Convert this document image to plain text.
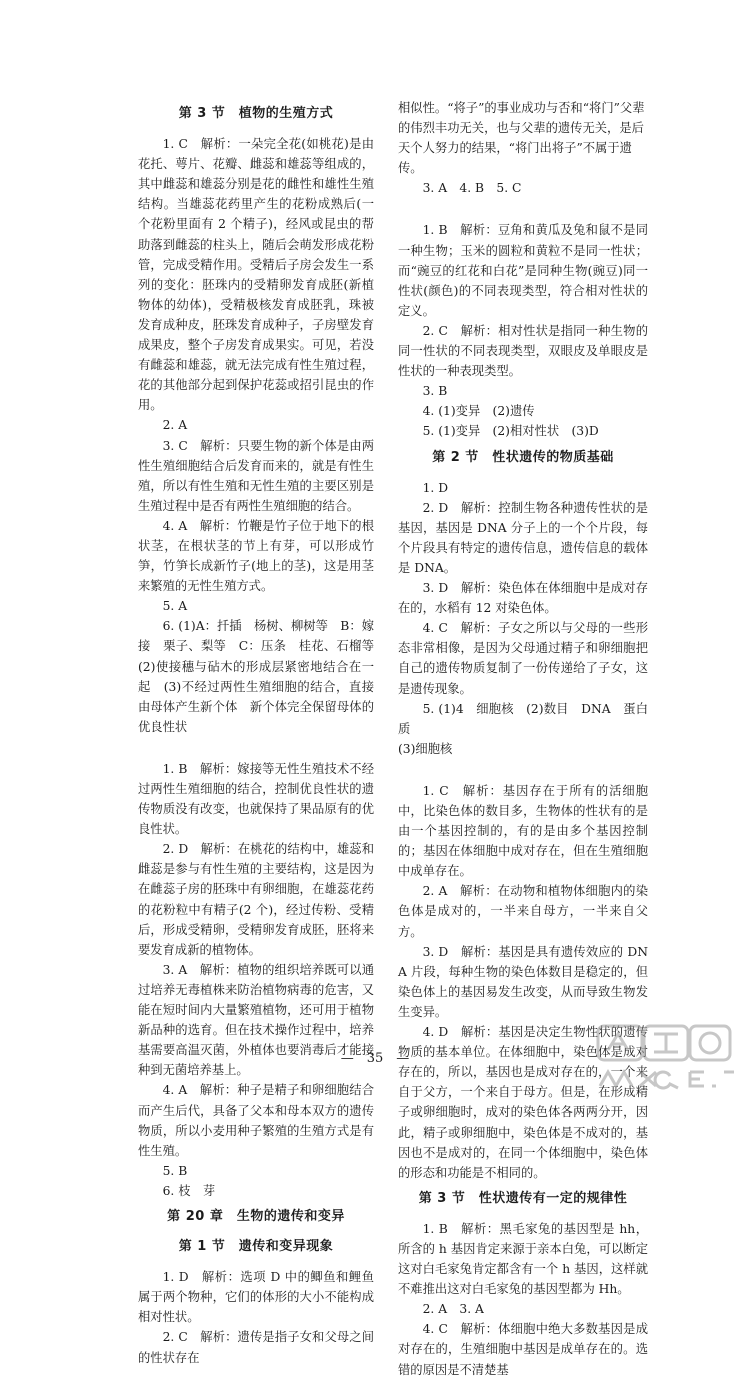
第 3 节　植物的生殖方式

1. C　解析：一朵完全花(如桃花)是由花托、萼片、花瓣、雌蕊和雄蕊等组成的，其中雌蕊和雄蕊分别是花的雌性和雄性生殖结构。当雄蕊花药里产生的花粉成熟后(一个花粉里面有 2 个精子)，经风或昆虫的帮助落到雌蕊的柱头上，随后会萌发形成花粉管，完成受精作用。受精后子房会发生一系列的变化：胚珠内的受精卵发育成胚(新植物体的幼体)，受精极核发育成胚乳，珠被发育成种皮，胚珠发育成种子，子房壁发育成果皮，整个子房发育成果实。可见，若没有雌蕊和雄蕊，就无法完成有性生殖过程，花的其他部分起到保护花蕊或招引昆虫的作用。

2. A

3. C　解析：只要生物的新个体是由两性生殖细胞结合后发育而来的，就是有性生殖，所以有性生殖和无性生殖的主要区别是生殖过程中是否有两性生殖细胞的结合。

4. A　解析：竹鞭是竹子位于地下的根状茎，在根状茎的节上有芽，可以形成竹笋，竹笋长成新竹子(地上的茎)，这是用茎来繁殖的无性生殖方式。

5. A

6. (1)A：扦插　杨树、柳树等　B：嫁接　栗子、梨等　C：压条　桂花、石榴等　(2)使接穗与砧木的形成层紧密地结合在一起　(3)不经过两性生殖细胞的结合，直接由母体产生新个体　新个体完全保留母体的优良性状

1. B　解析：嫁接等无性生殖技术不经过两性生殖细胞的结合，控制优良性状的遗传物质没有改变，也就保持了果品原有的优良性状。

2. D　解析：在桃花的结构中，雄蕊和雌蕊是参与有性生殖的主要结构，这是因为在雌蕊子房的胚珠中有卵细胞，在雄蕊花药的花粉粒中有精子(2 个)，经过传粉、受精后，形成受精卵，受精卵发育成胚，胚将来要发育成新的植物体。

3. A　解析：植物的组织培养既可以通过培养无毒植株来防治植物病毒的危害，又能在短时间内大量繁殖植物，还可用于植物新品种的选育。但在技术操作过程中，培养基需要高温灭菌，外植体也要消毒后才能接种到无菌培养基上。

4. A　解析：种子是精子和卵细胞结合而产生后代，具备了父本和母本双方的遗传物质，所以小麦用种子繁殖的生殖方式是有性生殖。

5. B

6. 枝　芽

第 20 章　生物的遗传和变异
第 1 节　遗传和变异现象

1. D　解析：选项 D 中的鲫鱼和鲤鱼属于两个物种，它们的体形的大小不能构成相对性状。

2. C　解析：遗传是指子女和父母之间的性状存在

相似性。“将子”的事业成功与否和“将门”父辈的伟烈丰功无关，也与父辈的遗传无关，是后天个人努力的结果，“将门出将子”不属于遗传。

3. A　4. B　5. C

1. B　解析：豆角和黄瓜及兔和鼠不是同一种生物；玉米的圆粒和黄粒不是同一性状；而“豌豆的红花和白花”是同种生物(豌豆)同一性状(颜色)的不同表现类型，符合相对性状的定义。

2. C　解析：相对性状是指同一种生物的同一性状的不同表现类型，双眼皮及单眼皮是性状的一种表现类型。

3. B

4. (1)变异　(2)遗传

5. (1)变异　(2)相对性状　(3)D

第 2 节　性状遗传的物质基础

1. D

2. D　解析：控制生物各种遗传性状的是基因，基因是 DNA 分子上的一个个片段，每个片段具有特定的遗传信息，遗传信息的载体是 DNA。

3. D　解析：染色体在体细胞中是成对存在的，水稻有 12 对染色体。

4. C　解析：子女之所以与父母的一些形态非常相像，是因为父母通过精子和卵细胞把自己的遗传物质复制了一份传递给了子女，这是遗传现象。

5. (1)4　细胞核　(2)数目　DNA　蛋白质

(3)细胞核

1. C　解析：基因存在于所有的活细胞中，比染色体的数目多，生物体的性状有的是由一个基因控制的，有的是由多个基因控制的；基因在体细胞中成对存在，但在生殖细胞中成单存在。

2. A　解析：在动物和植物体细胞内的染色体是成对的，一半来自母方，一半来自父方。

3. D　解析：基因是具有遗传效应的 DNA 片段，每种生物的染色体数目是稳定的，但染色体上的基因易发生改变，从而导致生物发生变异。

4. D　解析：基因是决定生物性状的遗传物质的基本单位。在体细胞中，染色体是成对存在的，所以，基因也是成对存在的，一个来自于父方，一个来自于母方。但是，在形成精子或卵细胞时，成对的染色体各两两分开，因此，精子或卵细胞中，染色体是不成对的，基因也不是成对的，在同一个体细胞中，染色体的形态和功能是不相同的。

第 3 节　性状遗传有一定的规律性

1. B　解析：黑毛家兔的基因型是 hh，所含的 h 基因肯定来源于亲本白兔，可以断定这对白毛家兔肯定都含有一个 h 基因，这样就不难推出这对白毛家兔的基因型都为 Hh。

2. A　3. A

4. C　解析：体细胞中绝大多数基因是成对存在的，生殖细胞中基因是成单存在的。选错的原因是不清楚基

—　35　—
